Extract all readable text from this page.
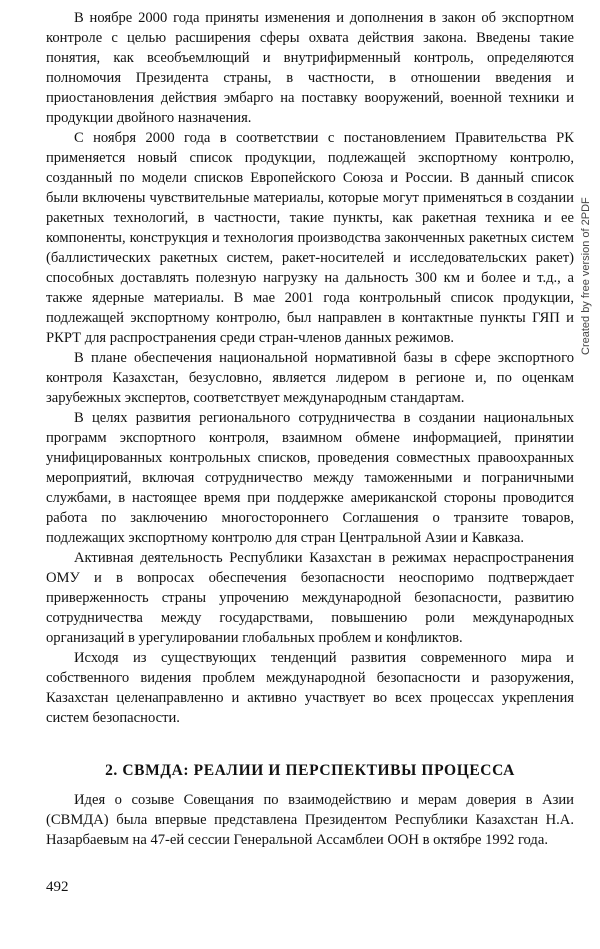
В ноябре 2000 года приняты изменения и дополнения в закон об экспортном контроле с целью расширения сферы охвата действия закона. Введены такие понятия, как всеобъемлющий и внутрифирменный контроль, определяются полномочия Президента страны, в частности, в отношении введения и приостановления действия эмбарго на поставку вооружений, военной техники и продукции двойного назначения.

С ноября 2000 года в соответствии с постановлением Правительства РК применяется новый список продукции, подлежащей экспортному контролю, созданный по модели списков Европейского Союза и России. В данный список были включены чувствительные материалы, которые могут применяться в создании ракетных технологий, в частности, такие пункты, как ракетная техника и ее компоненты, конструкция и технология производства законченных ракетных систем (баллистических ракетных систем, ракет-носителей и исследовательских ракет) способных доставлять полезную нагрузку на дальность 300 км и более и т.д., а также ядерные материалы. В мае 2001 года контрольный список продукции, подлежащей экспортному контролю, был направлен в контактные пункты ГЯП и РКРТ для распространения среди стран-членов данных режимов.

В плане обеспечения национальной нормативной базы в сфере экспортного контроля Казахстан, безусловно, является лидером в регионе и, по оценкам зарубежных экспертов, соответствует международным стандартам.

В целях развития регионального сотрудничества в создании национальных программ экспортного контроля, взаимном обмене информацией, принятии унифицированных контрольных списков, проведения совместных правоохранных мероприятий, включая сотрудничество между таможенными и пограничными службами, в настоящее время при поддержке американской стороны проводится работа по заключению многостороннего Соглашения о транзите товаров, подлежащих экспортному контролю для стран Центральной Азии и Кавказа.

Активная деятельность Республики Казахстан в режимах нераспространения ОМУ и в вопросах обеспечения безопасности неоспоримо подтверждает приверженность страны упрочению международной безопасности, развитию сотрудничества между государствами, повышению роли международных организаций в урегулировании глобальных проблем и конфликтов.

Исходя из существующих тенденций развития современного мира и собственного видения проблем международной безопасности и разоружения, Казахстан целенаправленно и активно участвует во всех процессах укрепления систем безопасности.

2. СВМДА: РЕАЛИИ И ПЕРСПЕКТИВЫ ПРОЦЕССА

Идея о созыве Совещания по взаимодействию и мерам доверия в Азии (СВМДА) была впервые представлена Президентом Республики Казахстан Н.А. Назарбаевым на 47-ей сессии Генеральной Ассамблеи ООН в октябре 1992 года.

492
Created by free version of 2PDF
